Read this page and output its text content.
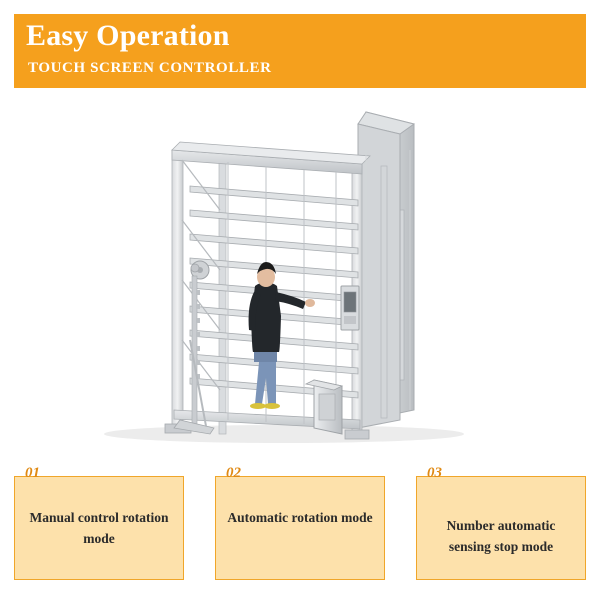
Easy Operation
TOUCH SCREEN CONTROLLER
01
Manual control rotation mode
02
Automatic rotation mode
03
Number automatic sensing stop mode
